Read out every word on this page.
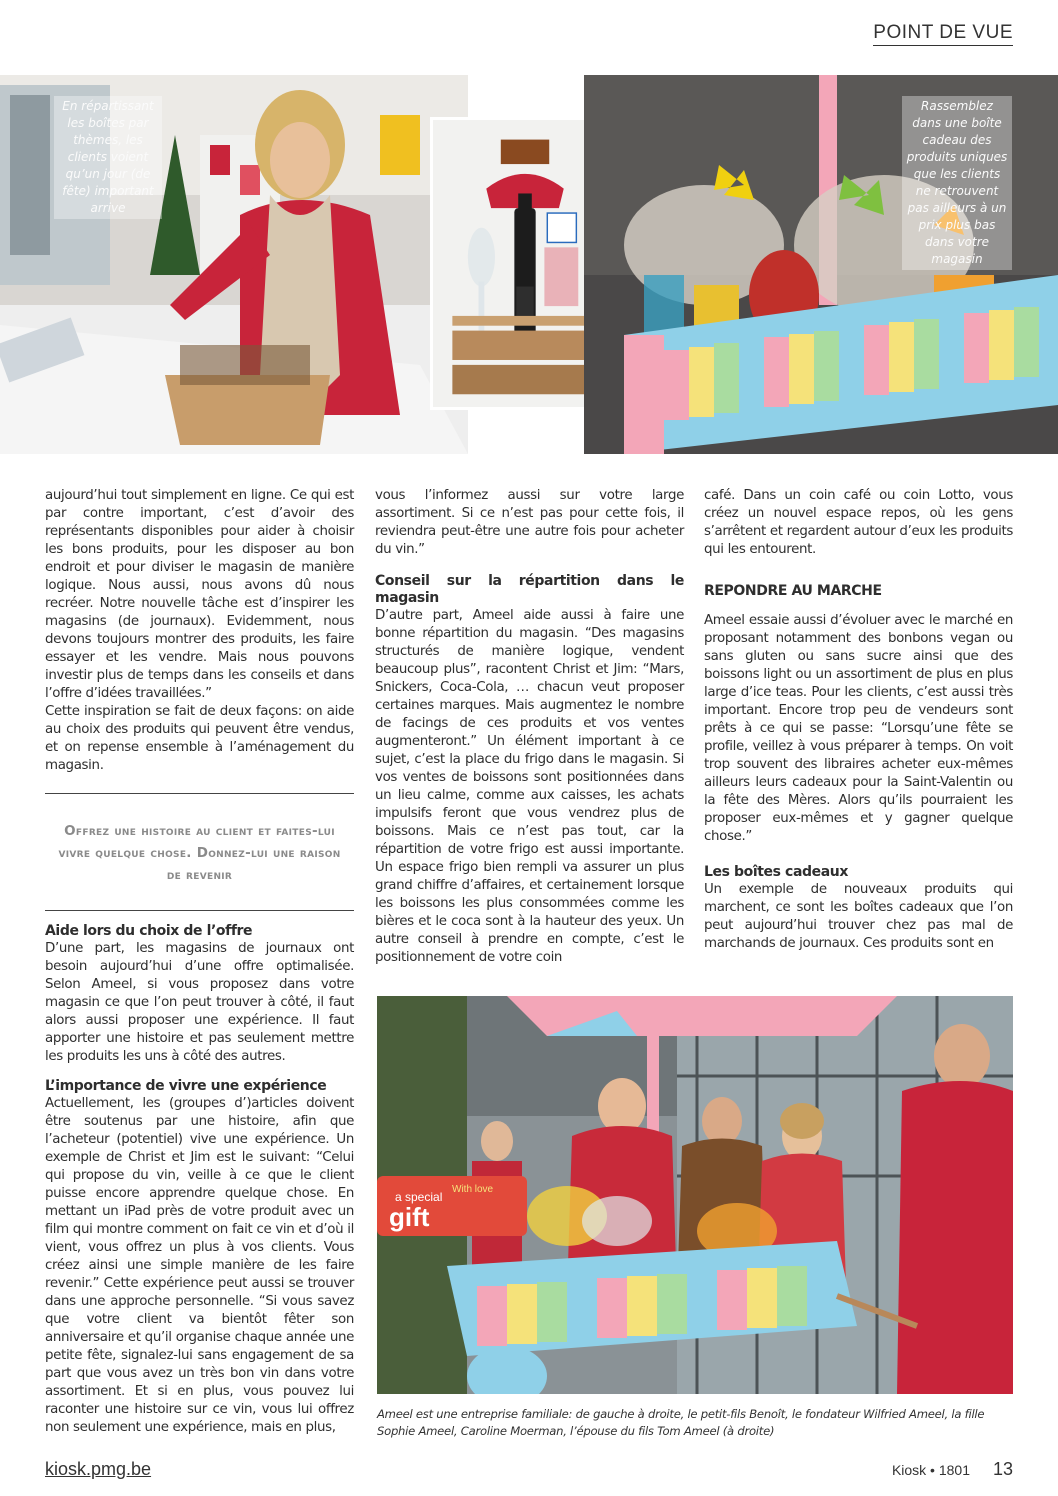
POINT DE VUE
En répartissant les boîtes par thèmes, les clients voient qu’un jour (de fête) important arrive
Rassemblez dans une boîte cadeau des produits uniques que les clients ne retrouvent pas ailleurs à un prix plus bas dans votre magasin

aujourd’hui tout simplement en ligne. Ce qui est par contre important, c’est d’avoir des représentants disponibles pour aider à choisir les bons produits, pour les disposer au bon endroit et pour diviser le magasin de manière logique. Nous aussi, nous avons dû nous recréer. Notre nouvelle tâche est d’inspirer les magasins (de journaux). Evidemment, nous devons toujours montrer des produits, les faire essayer et les vendre. Mais nous pouvons investir plus de temps dans les conseils et dans l’offre d’idées travaillées.”

Cette inspiration se fait de deux façons: on aide au choix des produits qui peuvent être vendus, et on repense ensemble à l’aménagement du magasin.

Offrez une histoire au client et faites-lui vivre quelque chose. Donnez-lui une raison de revenir
Aide lors du choix de l’offre

D’une part, les magasins de journaux ont besoin aujourd’hui d’une offre optimalisée. Selon Ameel, si vous proposez dans votre magasin ce que l’on peut trouver à côté, il faut alors aussi proposer une expérience. Il faut apporter une histoire et pas seulement mettre les produits les uns à côté des autres.

L’importance de vivre une expérience

Actuellement, les (groupes d’)articles doivent être soutenus par une histoire, afin que l’acheteur (potentiel) vive une expérience. Un exemple de Christ et Jim est le suivant: “Celui qui propose du vin, veille à ce que le client puisse encore apprendre quelque chose. En mettant un iPad près de votre produit avec un film qui montre comment on fait ce vin et d’où il vient, vous offrez un plus à vos clients. Vous créez ainsi une simple manière de les faire revenir.” Cette expérience peut aussi se trouver dans une approche personnelle. “Si vous savez que votre client va bientôt fêter son anniversaire et qu’il organise chaque année une petite fête, signalez-lui sans engagement de sa part que vous avez un très bon vin dans votre assortiment. Et si en plus, vous pouvez lui raconter une histoire sur ce vin, vous lui offrez non seulement une expérience, mais en plus,

vous l’informez aussi sur votre large assortiment. Si ce n’est pas pour cette fois, il reviendra peut-être une autre fois pour acheter du vin.”

Conseil sur la répartition dans le magasin

D’autre part, Ameel aide aussi à faire une bonne répartition du magasin. “Des magasins structurés de manière logique, vendent beaucoup plus”, racontent Christ et Jim: “Mars, Snickers, Coca-Cola, … chacun veut proposer certaines marques. Mais augmentez le nombre de facings de ces produits et vos ventes augmenteront.” Un élément important à ce sujet, c’est la place du frigo dans le magasin. Si vos ventes de boissons sont positionnées dans un lieu calme, comme aux caisses, les achats impulsifs feront que vous vendrez plus de boissons. Mais ce n’est pas tout, car la répartition de votre frigo est aussi importante. Un espace frigo bien rempli va assurer un plus grand chiffre d’affaires, et certainement lorsque les boissons les plus consommées comme les bières et le coca sont à la hauteur des yeux. Un autre conseil à prendre en compte, c’est le positionnement de votre coin

café. Dans un coin café ou coin Lotto, vous créez un nouvel espace repos, où les gens s’arrêtent et regardent autour d’eux les produits qui les entourent.

REPONDRE AU MARCHE

Ameel essaie aussi d’évoluer avec le marché en proposant notamment des bonbons vegan ou sans gluten ou sans sucre ainsi que des boissons light ou un assortiment de plus en plus large d’ice teas. Pour les clients, c’est aussi très important. Encore trop peu de vendeurs sont prêts à ce qui se passe: “Lorsqu’une fête se profile, veillez à vous préparer à temps. On voit trop souvent des libraires acheter eux-mêmes ailleurs leurs cadeaux pour la Saint-Valentin ou la fête des Mères. Alors qu’ils pourraient les proposer eux-mêmes et y gagner quelque chose.”

Les boîtes cadeaux

Un exemple de nouveaux produits qui marchent, ce sont les boîtes cadeaux que l’on peut aujourd’hui trouver chez pas mal de marchands de journaux. Ces produits sont en

a special
gift
With love
Ameel est une entreprise familiale: de gauche à droite, le petit-fils Benoît, le fondateur Wilfried Ameel, la fille Sophie Ameel, Caroline Moerman, l’épouse du fils Tom Ameel (à droite)
kiosk.pmg.be	Kiosk • 1801 13
